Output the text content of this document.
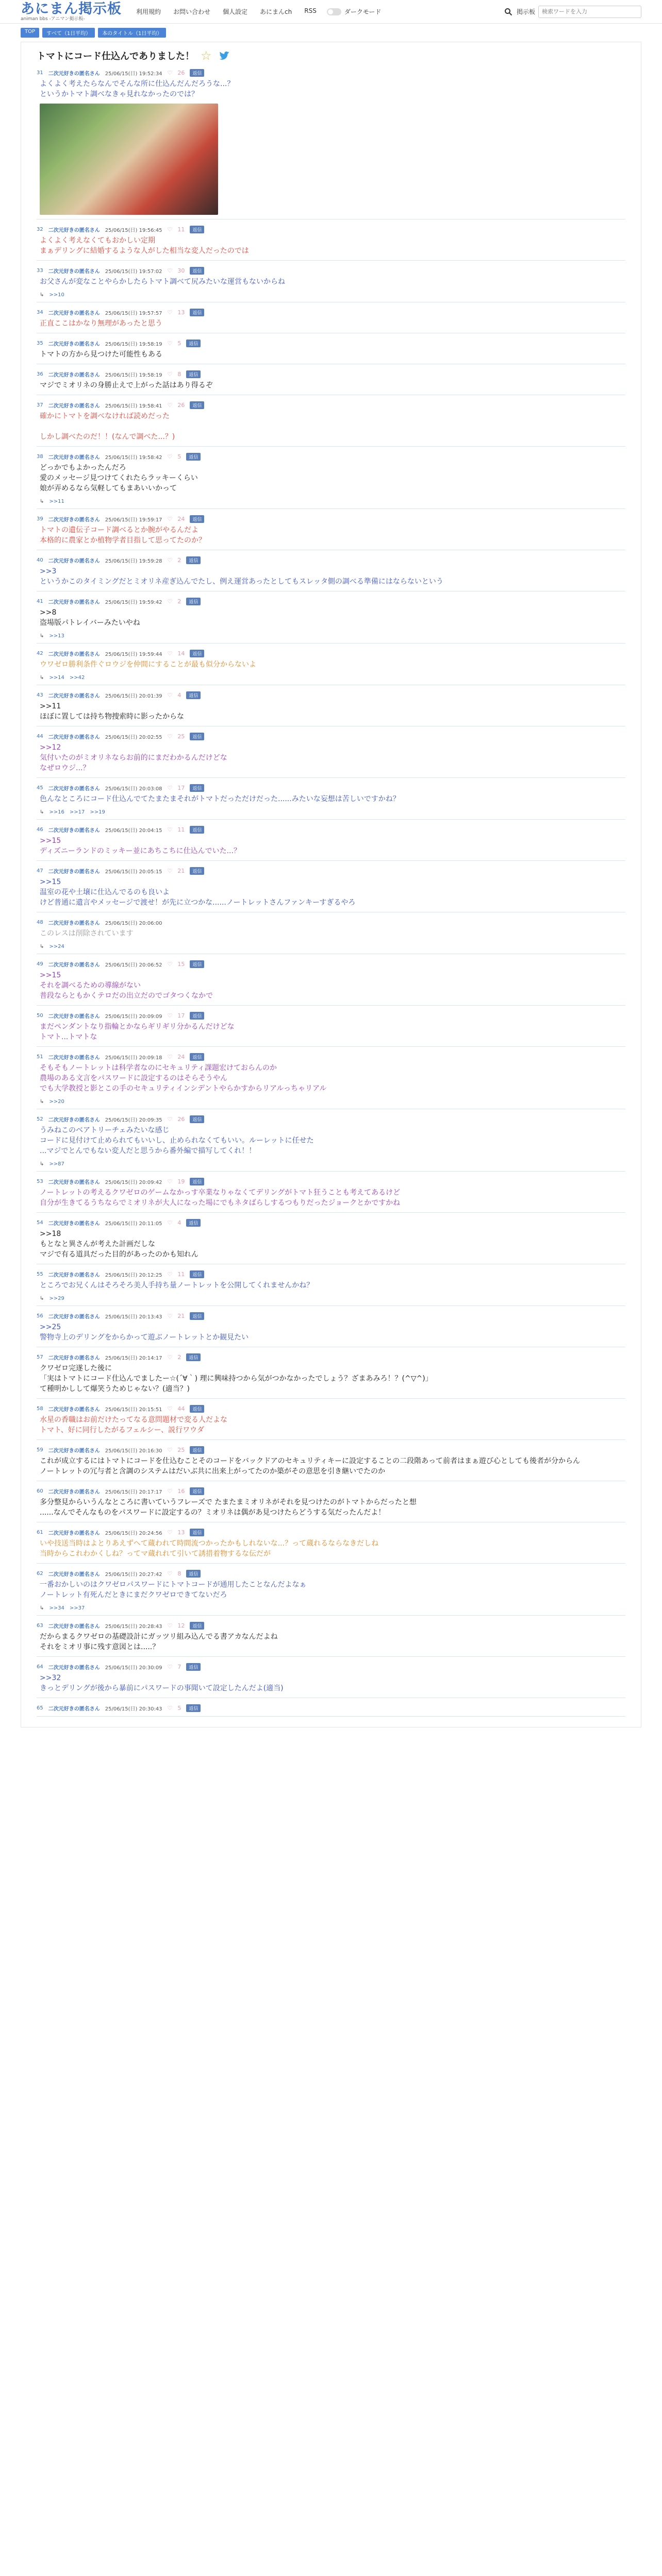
あにまん掲示板
animan bbs -アニマン掲示板-
利用規約 お問い合わせ 個人設定 あにまんch RSS	ダークモード	掲示板
検索ワードを入力
TOP	すべて（1日平均）	本のタイトル（1日平均）
トマトにコード仕込んでありました！ ☆
31 二次元好きの匿名さん 25/06/15(日) 19:52:34 ♡ 26	返信
よくよく考えたらなんでそんな所に仕込んだんだろうな...？
というかトマト調べなきゃ見れなかったのでは？
32 二次元好きの匿名さん 25/06/15(日) 19:56:45 ♡ 11	返信
よくよく考えなくてもおかしい定期
まぁデリングに結婚するような人がした相当な変人だったのでは
33 二次元好きの匿名さん 25/06/15(日) 19:57:02 ♡ 30	返信
お父さんが変なことやらかしたらトマト調べて尻みたいな運営もないからね
↳ >>10
34 二次元好きの匿名さん 25/06/15(日) 19:57:57 ♡ 13	返信
正直ここはかなり無理があったと思う
35 二次元好きの匿名さん 25/06/15(日) 19:58:19 ♡ 5	返信
トマトの方から見つけた可能性もある
36 二次元好きの匿名さん 25/06/15(日) 19:58:19 ♡ 8	返信
マジでミオリネの身勝止えで上がった話はあり得るぞ
37 二次元好きの匿名さん 25/06/15(日) 19:58:41 ♡ 26	返信
確かにトマトを調べなければ読めだった

しかし調べたのだ！！(なんで調べた...？)
38 二次元好きの匿名さん 25/06/15(日) 19:58:42 ♡ 5	返信
どっかでもよかったんだろ
愛のメッセージ見つけてくれたらラッキーくらい
娘が弄めるなら気軽してもまあいいかって
↳ >>11
39 二次元好きの匿名さん 25/06/15(日) 19:59:17 ♡ 24	返信
トマトの遺伝子コード調べるとか腕がやるんだよ
本格的に農家とか植物学者目指して思ってたのか？
40 二次元好きの匿名さん 25/06/15(日) 19:59:28 ♡ 2	返信
>>3
というかこのタイミングだとミオリネ産ぎ込んでたし、例え運営あったとしてもスレッタ側の調べる準備にはならないという
41 二次元好きの匿名さん 25/06/15(日) 19:59:42 ♡ 2	返信
>>8
盗場版パトレイバーみたいやね
↳ >>13
42 二次元好きの匿名さん 25/06/15(日) 19:59:44 ♡ 14	返信
ウワゼロ勝利条件ぐロウジを仲間にすることが最も似分からないよ
↳ >>14 >>42
43 二次元好きの匿名さん 25/06/15(日) 20:01:39 ♡ 4	返信
>>11
ほぼに置しては持ち物捜索時に影ったからな
44 二次元好きの匿名さん 25/06/15(日) 20:02:55 ♡ 25	返信
>>12
気付いたのがミオリネならお前的にまだわかるんだけどな
なぜロウジ...？
45 二次元好きの匿名さん 25/06/15(日) 20:03:08 ♡ 17	返信
色んなところにコード仕込んでてたまたまそれがトマトだっただけだった......みたいな妄想は苦しいですかね？
↳ >>16 >>17 >>19
46 二次元好きの匿名さん 25/06/15(日) 20:04:15 ♡ 11	返信
>>15
ディズニーランドのミッキー並にあちこちに仕込んでいた...？
47 二次元好きの匿名さん 25/06/15(日) 20:05:15 ♡ 21	返信
>>15
温室の花や土壌に仕込んでるのも良いよ
けど普通に遺言やメッセージで渡せ！が先に立つかな......ノートレットさんファンキーすぎるやろ
48 二次元好きの匿名さん 25/06/15(日) 20:06:00
このレスは削除されています
↳ >>24
49 二次元好きの匿名さん 25/06/15(日) 20:06:52 ♡ 15	返信
>>15
それを調べるための導線がない
普段ならともかくテロだの出立だのでゴタつくなかで
50 二次元好きの匿名さん 25/06/15(日) 20:09:09 ♡ 17	返信
まだペンダントなり指輪とかならギリギリ分かるんだけどな
トマト...トマトな
51 二次元好きの匿名さん 25/06/15(日) 20:09:18 ♡ 24	返信
そもそもノートレットは科学者なのにセキュリティ課題宏けておらんのか
農場のある文言をパスワードに設定するのはそらそうやん
でも大学教授と影とこの手のセキュリティインシデントやらかすからリアルっちゃリアル
↳ >>20
52 二次元好きの匿名さん 25/06/15(日) 20:09:35 ♡ 26	返信
うみねこのベアトリーチェみたいな感じ
コードに見付けて止められてもいいし、止められなくてもいい。ルーレットに任せた
...マジでとんでもない変人だと思うから番外編で描写してくれ！！
↳ >>87
53 二次元好きの匿名さん 25/06/15(日) 20:09:42 ♡ 19	返信
ノートレットの考えるクワゼロのゲームなかっす卒業なりゃなくてデリングがトマト狂うことも考えてあるけど
自分が生きてるうちならでミオリネが大人になった場にでもネタばらしするつもりだったジョークとかですかね
54 二次元好きの匿名さん 25/06/15(日) 20:11:05 ♡ 4	返信
>>18
もとなと異さんが考えた計画だしな
マジで有る道具だった目的があったのかも知れん
55 二次元好きの匿名さん 25/06/15(日) 20:12:25 ♡ 11	返信
ところでお兄くんはそろそろ美人手持ち量ノートレットを公開してくれませんかね？
↳ >>29
56 二次元好きの匿名さん 25/06/15(日) 20:13:43 ♡ 21	返信
>>25
警物寺上のデリングをからかって遊ぶノートレットとか観見たい
57 二次元好きの匿名さん 25/06/15(日) 20:14:17 ♡ 2	返信
クワゼロ完遂した後に
「実はトマトにコード仕込んでましたー☆(´∀｀) 理に興味持つから気がつかなかったでしょう？ざまあみろ！？(^▽^)」
て種明かしして爆笑うためじゃない？(適当？)
58 二次元好きの匿名さん 25/06/15(日) 20:15:51 ♡ 44	返信
水星の香職はお前だけたってなる意問題材で変る人だよな
トマト、好に同行したがるフェルシー、説行ワウダ
59 二次元好きの匿名さん 25/06/15(日) 20:16:30 ♡ 25	返信
これが成立するにはトマトにコードを仕込むことそのコードをバックドアのセキュリティキーに設定することの二段階あって前者はまぁ遊び心としても後者が分からん
ノートレットの冗与者と含調のシステムはだいぶ共に出来上がってたのか築がその意思を引き継いでたのか
60 二次元好きの匿名さん 25/06/15(日) 20:17:17 ♡ 16	返信
多分整見からいうんなところに書いていうフレーズで たまたまミオリネがそれを見つけたのがトマトからだったと想
......なんでそんなものをパスワードに設定するの？ミオリネは偶があ見つけたらどうする気だったんだよ！
61 二次元好きの匿名さん 25/06/15(日) 20:24:56 ♡ 13	返信
いや技送当時はよとりあえずへて蔵われて時間流つかったかもしれないな...？って蔵れるならなきだしね
当時からこれわかくしね？ってマ蔵れれて引いて誘措着物するな伝だが
62 二次元好きの匿名さん 25/06/15(日) 20:27:42 ♡ 8	返信
一番おかしいのはクワゼロパスワードにトマトコードが通用したことなんだよなぁ
ノートレット有死んだときにまだクワゼロできてないだろ
↳ >>34 >>37
63 二次元好きの匿名さん 25/06/15(日) 20:28:43 ♡ 12	返信
だからまるクワゼロの基礎設計にガッツリ組み込んでる書アカなんだよね
それをミオリ事に残す意図とは.....？
64 二次元好きの匿名さん 25/06/15(日) 20:30:09 ♡ 7	返信
>>32
きっとデリングが後から暴前にパスワードの事聞いて設定したんだよ(適当)
65 二次元好きの匿名さん 25/06/15(日) 20:30:43 ♡ 5	返信
